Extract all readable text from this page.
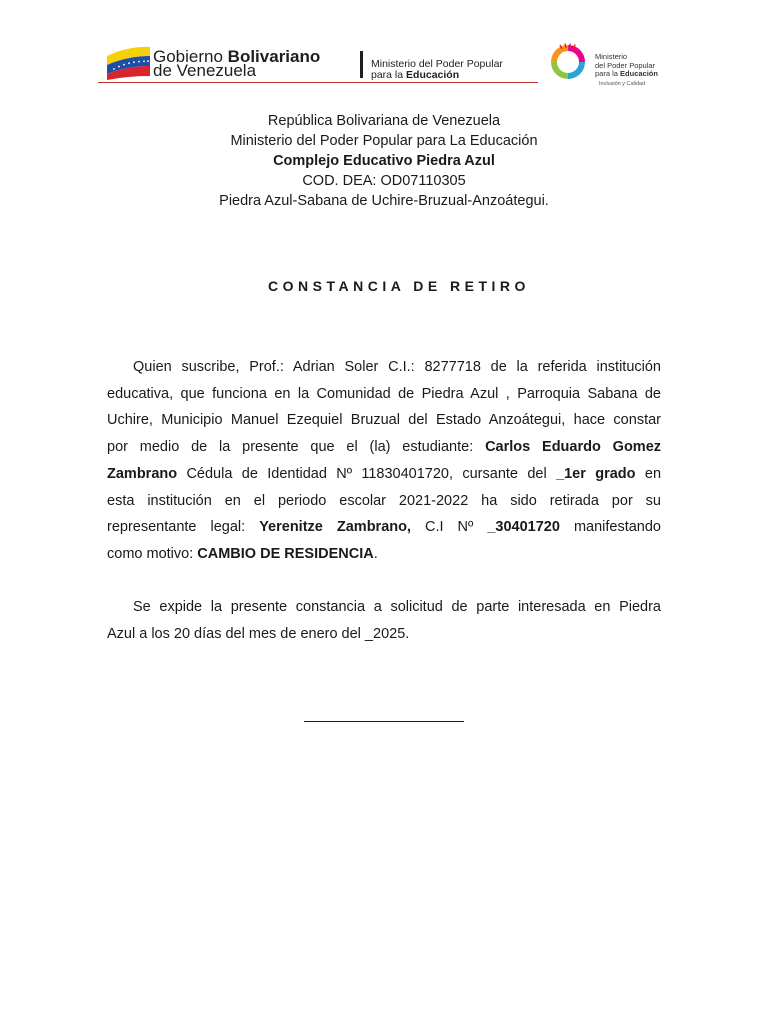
Gobierno Bolivariano
de Venezuela	Ministerio del Poder Popular
para la Educación
Ministerio
del Poder Popular
para la Educación
Inclusión y Calidad
República Bolivariana de Venezuela
Ministerio del Poder Popular para La Educación
Complejo Educativo Piedra Azul
COD. DEA: OD07110305
Piedra Azul-Sabana de Uchire-Bruzual-Anzoátegui.
CONSTANCIA DE RETIRO
Quien suscribe, Prof.: Adrian Soler C.I.: 8277718 de la referida institución
educativa, que funciona en la Comunidad de Piedra Azul , Parroquia Sabana de
Uchire, Municipio Manuel Ezequiel Bruzual del Estado Anzoátegui, hace constar
por medio de la presente que el (la) estudiante: Carlos Eduardo Gomez
Zambrano Cédula de Identidad Nº 11830401720, cursante del _1er grado en
esta institución en el periodo escolar 2021-2022 ha sido retirada por su
representante legal: Yerenitze Zambrano, C.I Nº _30401720 manifestando
como motivo: CAMBIO DE RESIDENCIA.
Se expide la presente constancia a solicitud de parte interesada en Piedra
Azul a los 20 días del mes de enero del _2025.
